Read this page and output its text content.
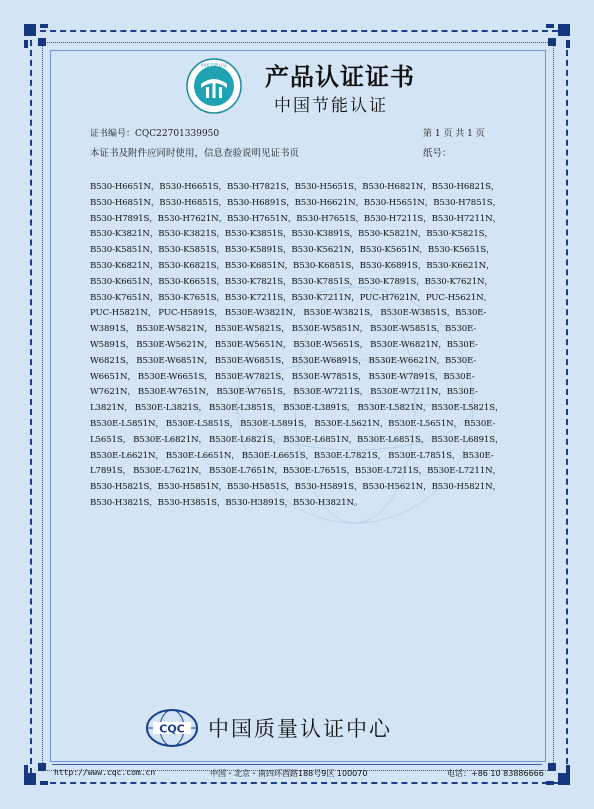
中国节能认证 产品认证证书
中国节能认证
证书编号：CQC22701339950	第 1 页 共 1 页
本证书及附件应同时使用，信息查验说明见证书页	纸号：
B530-H6651N，B530-H6651S，B530-H7821S，B530-H5651S，B530-H6821N，B530-H6821S，B530-H6851N，B530-H6851S，B530-H6891S，B530-H6621N，B530-H5651N，B530-H7851S，B530-H7891S，B530-H7621N，B530-H7651N，B530-H7651S，B530-H7211S，B530-H7211N，B530-K3821N，B530-K3821S，B530-K3851S，B530-K3891S，B530-K5821N，B530-K5821S，B530-K5851N，B530-K5851S，B530-K5891S，B530-K5621N，B530-K5651N，B530-K5651S，B530-K6821N，B530-K6821S，B530-K6851N，B530-K6851S，B530-K6891S，B530-K6621N，B530-K6651N，B530-K6651S，B530-K7821S，B530-K7851S，B530-K7891S，B530-K7621N，B530-K7651N，B530-K7651S，B530-K7211S，B530-K7211N，PUC-H7621N，PUC-H5621N，PUC-H5821N， PUC-H5891S， B530E-W3821N， B530E-W3821S， B530E-W3851S，B530E-W3891S， B530E-W5821N， B530E-W5821S， B530E-W5851N， B530E-W5851S，B530E-W5891S， B530E-W5621N， B530E-W5651N， B530E-W5651S， B530E-W6821N，B530E-W6821S， B530E-W6851N， B530E-W6851S， B530E-W6891S， B530E-W6621N，B530E-W6651N， B530E-W6651S， B530E-W7821S， B530E-W7851S， B530E-W7891S，B530E-W7621N， B530E-W7651N， B530E-W7651S， B530E-W7211S， B530E-W7211N，B530E-L3821N， B530E-L3821S， B530E-L3851S， B530E-L3891S， B530E-L5821N，B530E-L5821S， B530E-L5851N， B530E-L5851S， B530E-L5891S， B530E-L5621N，B530E-L5651N， B530E-L5651S， B530E-L6821N， B530E-L6821S， B530E-L6851N，B530E-L6851S， B530E-L6891S， B530E-L6621N， B530E-L6651N， B530E-L6651S，B530E-L7821S， B530E-L7851S， B530E-L7891S， B530E-L7621N， B530E-L7651N，B530E-L7651S，B530E-L7211S，B530E-L7211N，B530-H5821S，B530-H5851N，B530-H5851S，B530-H5891S，B530-H5621N，B530-H5821N，B530-H3821S，B530-H3851S，B530-H3891S，B530-H3821N。
CQC 中国质量认证中心
http://www.cqc.com.cn	中国・北京・南四环西路188号9区 100070	电话：+86 10 83886666
